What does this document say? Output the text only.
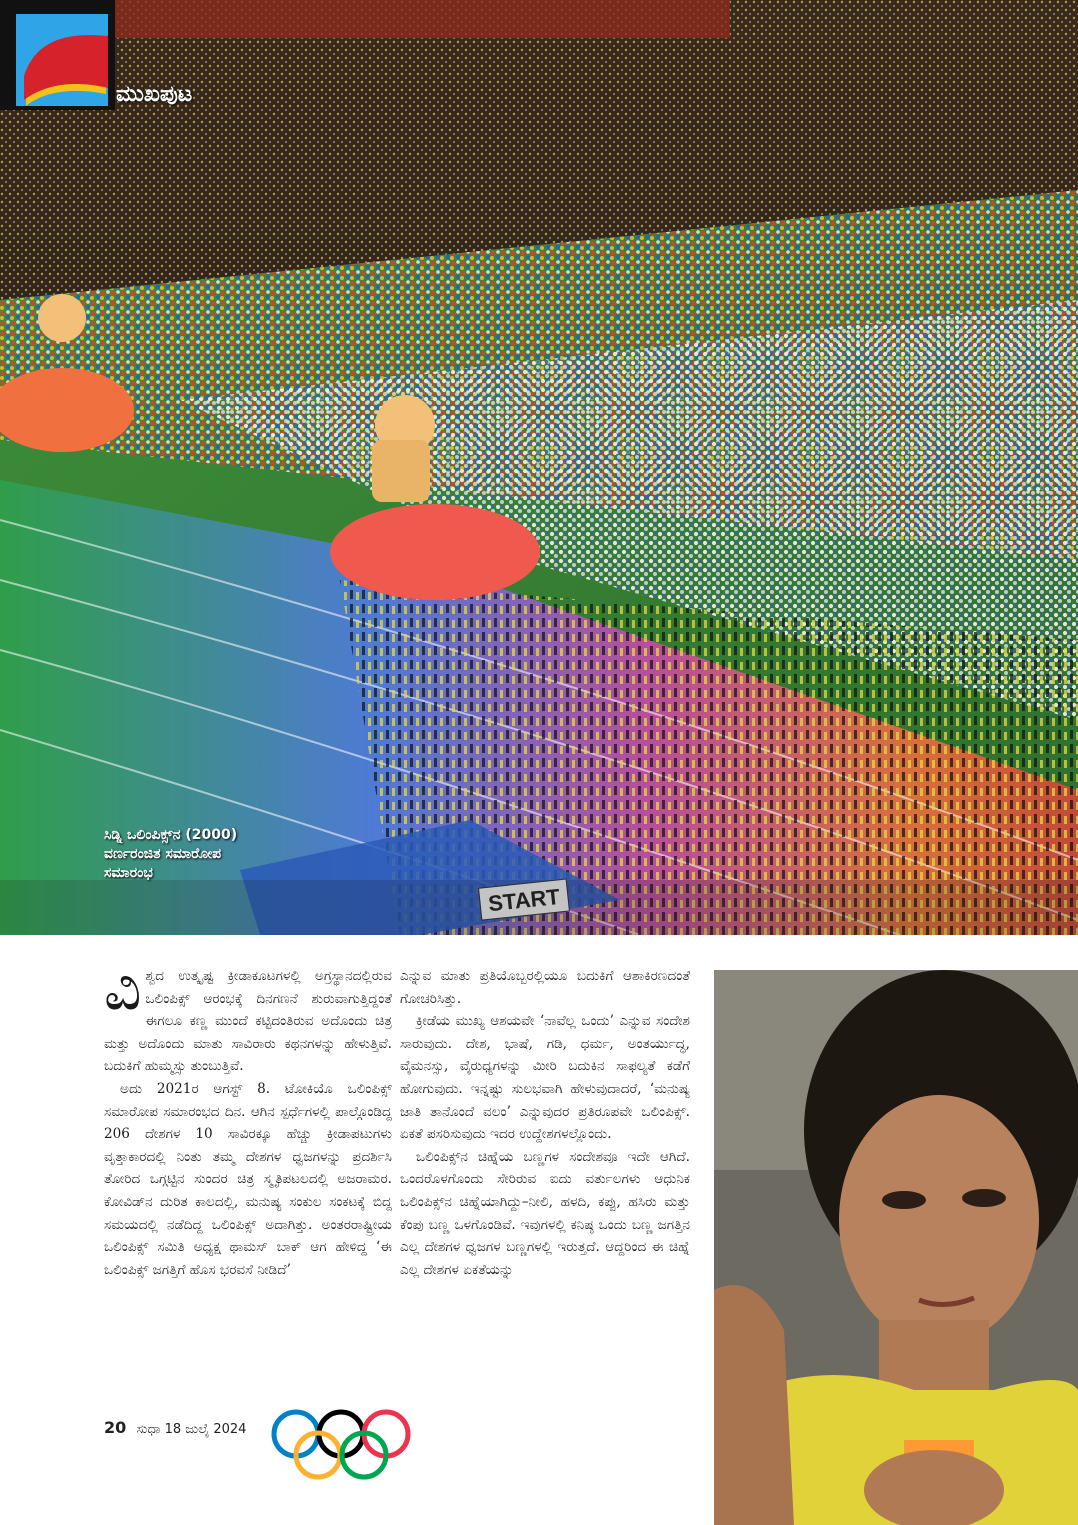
START
ಮುಖಪುಟ
ಸಿಡ್ನಿ ಒಲಿಂಪಿಕ್ಸ್‌ನ (2000)
ವರ್ಣರಂಜಿತ ಸಮಾರೋಪ
ಸಮಾರಂಭ

ವಿಶ್ವದ ಉತ್ಕೃಷ್ಟ ಕ್ರೀಡಾಕೂಟಗಳಲ್ಲಿ ಅಗ್ರಸ್ಥಾನದಲ್ಲಿರುವ ಒಲಿಂಪಿಕ್ಸ್ ಆರಂಭಕ್ಕೆ ದಿನಗಣನೆ ಶುರುವಾಗುತ್ತಿದ್ದಂತೆ ಈಗಲೂ ಕಣ್ಣ ಮುಂದೆ ಕಟ್ಟಿದಂತಿರುವ ಅದೊಂದು ಚಿತ್ರ ಮತ್ತು ಅದೊಂದು ಮಾತು ಸಾವಿರಾರು ಕಥನಗಳನ್ನು ಹೇಳುತ್ತಿವೆ. ಬದುಕಿಗೆ ಹುಮ್ಮಸ್ಸು ತುಂಬುತ್ತಿವೆ.

ಅದು 2021ರ ಆಗಸ್ಟ್ 8. ಟೋಕಿಯೊ ಒಲಿಂಪಿಕ್ಸ್ ಸಮಾರೋಪ ಸಮಾರಂಭದ ದಿನ. ಆಗಿನ ಸ್ಪರ್ಧೆಗಳಲ್ಲಿ ಪಾಲ್ಗೊಂಡಿದ್ದ 206 ದೇಶಗಳ 10 ಸಾವಿರಕ್ಕೂ ಹೆಚ್ಚು ಕ್ರೀಡಾಪಟುಗಳು ವೃತ್ತಾಕಾರದಲ್ಲಿ ನಿಂತು ತಮ್ಮ ದೇಶಗಳ ಧ್ವಜಗಳನ್ನು ಪ್ರದರ್ಶಿಸಿ ತೋರಿದ ಒಗ್ಗಟ್ಟಿನ ಸುಂದರ ಚಿತ್ರ ಸ್ಮೃತಿಪಟಲದಲ್ಲಿ ಅಜರಾಮರ. ಕೋವಿಡ್‌ನ ದುರಿತ ಕಾಲದಲ್ಲಿ, ಮನುಷ್ಯ ಸಂಕುಲ ಸಂಕಟಕ್ಕೆ ಬಿದ್ದ ಸಮಯದಲ್ಲಿ ನಡೆದಿದ್ದ ಒಲಿಂಪಿಕ್ಸ್ ಅದಾಗಿತ್ತು. ಅಂತರರಾಷ್ಟ್ರೀಯ ಒಲಿಂಪಿಕ್ಸ್ ಸಮಿತಿ ಅಧ್ಯಕ್ಷ ಥಾಮಸ್ ಬಾಕ್ ಆಗ ಹೇಳಿದ್ದ ‘ಈ ಒಲಿಂಪಿಕ್ಸ್ ಜಗತ್ತಿಗೆ ಹೊಸ ಭರವಸೆ ನೀಡಿದೆ’

ಎನ್ನುವ ಮಾತು ಪ್ರತಿಯೊಬ್ಬರಲ್ಲಿಯೂ ಬದುಕಿಗೆ ಆಶಾಕಿರಣದಂತೆ ಗೋಚರಿಸಿತ್ತು.

ಕ್ರೀಡೆಯ ಮುಖ್ಯ ಆಶಯವೇ ‘ನಾವೆಲ್ಲ ಒಂದು’ ಎನ್ನುವ ಸಂದೇಶ ಸಾರುವುದು. ದೇಶ, ಭಾಷೆ, ಗಡಿ, ಧರ್ಮ, ಅಂತರ್ಯುದ್ಧ, ವೈಮನಸ್ಸು, ವೈರುಧ್ಯಗಳನ್ನು ಮೀರಿ ಬದುಕಿನ ಸಾಫಲ್ಯತೆ ಕಡೆಗೆ ಹೋಗುವುದು. ಇನ್ನಷ್ಟು ಸುಲಭವಾಗಿ ಹೇಳುವುದಾದರೆ, ‘ಮನುಷ್ಯ ಜಾತಿ ತಾನೊಂದೆ ವಲಂ’ ಎನ್ನುವುದರ ಪ್ರತಿರೂಪವೇ ಒಲಿಂಪಿಕ್ಸ್. ಏಕತೆ ಪಸರಿಸುವುದು ಇದರ ಉದ್ದೇಶಗಳಲ್ಲೊಂದು.

ಒಲಿಂಪಿಕ್ಸ್‌ನ ಚಿಹ್ನೆಯ ಬಣ್ಣಗಳ ಸಂದೇಶವೂ ಇದೇ ಆಗಿದೆ. ಒಂದರೊಳಗೊಂದು ಸೇರಿರುವ ಐದು ವರ್ತುಲಗಳು ಆಧುನಿಕ ಒಲಿಂಪಿಕ್ಸ್‌ನ ಚಿಹ್ನೆಯಾಗಿದ್ದು–ನೀಲಿ, ಹಳದಿ, ಕಪ್ಪು, ಹಸಿರು ಮತ್ತು ಕೆಂಪು ಬಣ್ಣ ಒಳಗೊಂಡಿವೆ. ಇವುಗಳಲ್ಲಿ ಕನಿಷ್ಠ ಒಂದು ಬಣ್ಣ ಜಗತ್ತಿನ ಎಲ್ಲ ದೇಶಗಳ ಧ್ವಜಗಳ ಬಣ್ಣಗಳಲ್ಲಿ ಇರುತ್ತದೆ. ಆದ್ದರಿಂದ ಈ ಚಿಹ್ನೆ ಎಲ್ಲ ದೇಶಗಳ ಏಕತೆಯನ್ನು

20 ಸುಧಾ 18 ಜುಲೈ 2024
